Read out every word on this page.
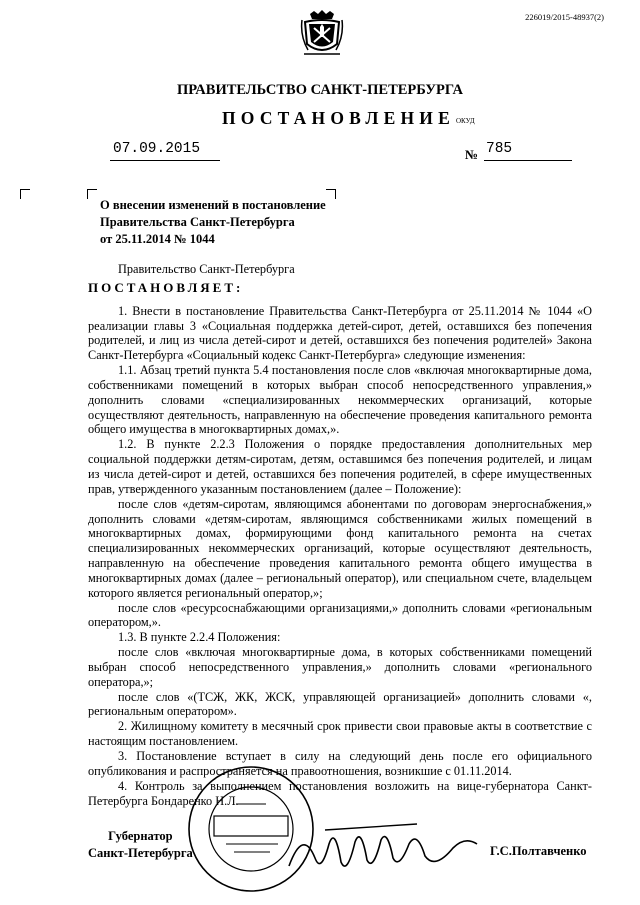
226019/2015-48937(2)
ПРАВИТЕЛЬСТВО САНКТ-ПЕТЕРБУРГА
ПОСТАНОВЛЕНИЕ ОКУД
07.09.2015	№ 785
О внесении изменений в постановление
Правительства Санкт-Петербурга
от 25.11.2014 № 1044

Правительство Санкт-Петербурга

ПОСТАНОВЛЯЕТ:

1. Внести в постановление Правительства Санкт-Петербурга от 25.11.2014 № 1044 «О реализации главы 3 «Социальная поддержка детей-сирот, детей, оставшихся без попечения родителей, и лиц из числа детей-сирот и детей, оставшихся без попечения родителей» Закона Санкт-Петербурга «Социальный кодекс Санкт-Петербурга» следующие изменения:

1.1. Абзац третий пункта 5.4 постановления после слов «включая многоквартирные дома, собственниками помещений в которых выбран способ непосредственного управления,» дополнить словами «специализированных некоммерческих организаций, которые осуществляют деятельность, направленную на обеспечение проведения капитального ремонта общего имущества в многоквартирных домах,».

1.2. В пункте 2.2.3 Положения о порядке предоставления дополнительных мер социальной поддержки детям-сиротам, детям, оставшимся без попечения родителей, и лицам из числа детей-сирот и детей, оставшихся без попечения родителей, в сфере имущественных прав, утвержденного указанным постановлением (далее – Положение):

после слов «детям-сиротам, являющимся абонентами по договорам энергоснабжения,» дополнить словами «детям-сиротам, являющимся собственниками жилых помещений в многоквартирных домах, формирующими фонд капитального ремонта на счетах специализированных некоммерческих организаций, которые осуществляют деятельность, направленную на обеспечение проведения капитального ремонта общего имущества в многоквартирных домах (далее – региональный оператор), или специальном счете, владельцем которого является региональный оператор,»;

после слов «ресурсоснабжающими организациями,» дополнить словами «региональным оператором,».

1.3. В пункте 2.2.4 Положения:

после слов «включая многоквартирные дома, в которых собственниками помещений выбран способ непосредственного управления,» дополнить словами «регионального оператора,»;

после слов «(ТСЖ, ЖК, ЖСК, управляющей организацией» дополнить словами «, региональным оператором».

2. Жилищному комитету в месячный срок привести свои правовые акты в соответствие с настоящим постановлением.

3. Постановление вступает в силу на следующий день после его официального опубликования и распространяется на правоотношения, возникшие с 01.11.2014.

4. Контроль за выполнением постановления возложить на вице-губернатора Санкт-Петербурга Бондаренко Н.Л.

Губернатор
Санкт-Петербурга	Г.С.Полтавченко
